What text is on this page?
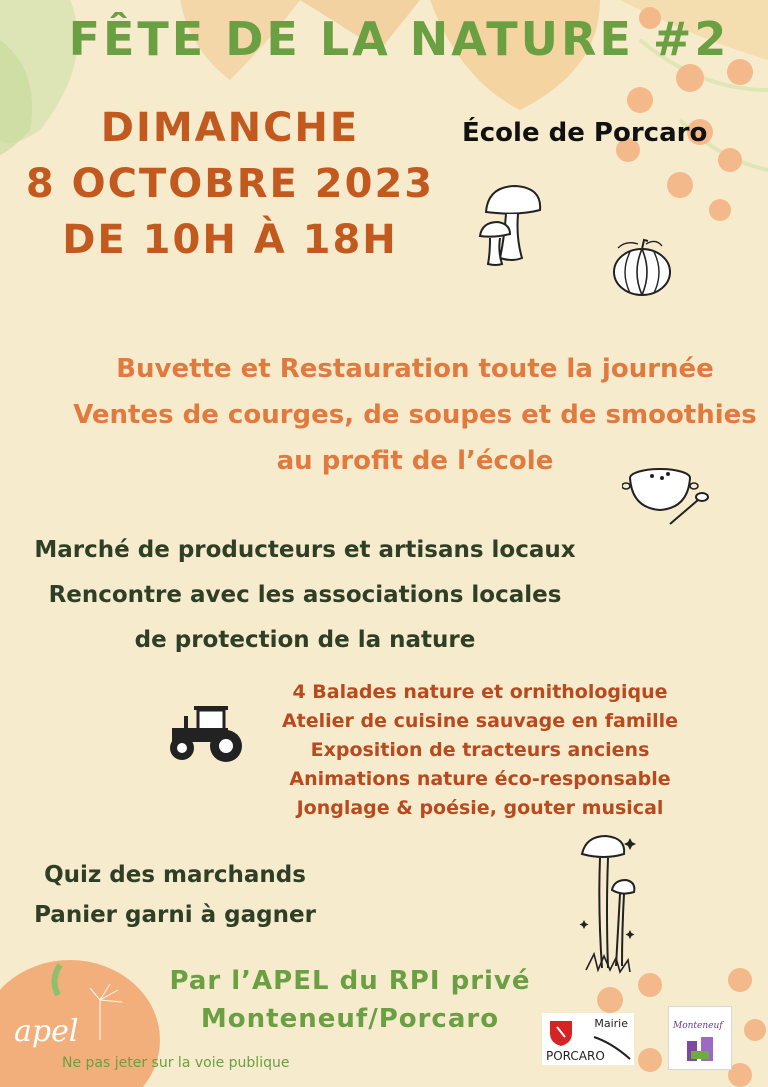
FÊTE DE LA NATURE #2
DIMANCHE
8 OCTOBRE 2023
DE 10H À 18H
École de Porcaro
Buvette et Restauration toute la journée
Ventes de courges, de soupes et de smoothies
au profit de l’école
Marché de producteurs et artisans locaux
Rencontre avec les associations locales
de protection de la nature
4 Balades nature et ornithologique
Atelier de cuisine sauvage en famille
Exposition de tracteurs anciens
Animations nature éco-responsable
Jonglage & poésie, gouter musical
Quiz des marchands
Panier garni à gagner
Par l’APEL du RPI privé
Monteneuf/Porcaro
apel
Ne pas jeter sur la voie publique
Mairie
PORCARO
Monteneuf
